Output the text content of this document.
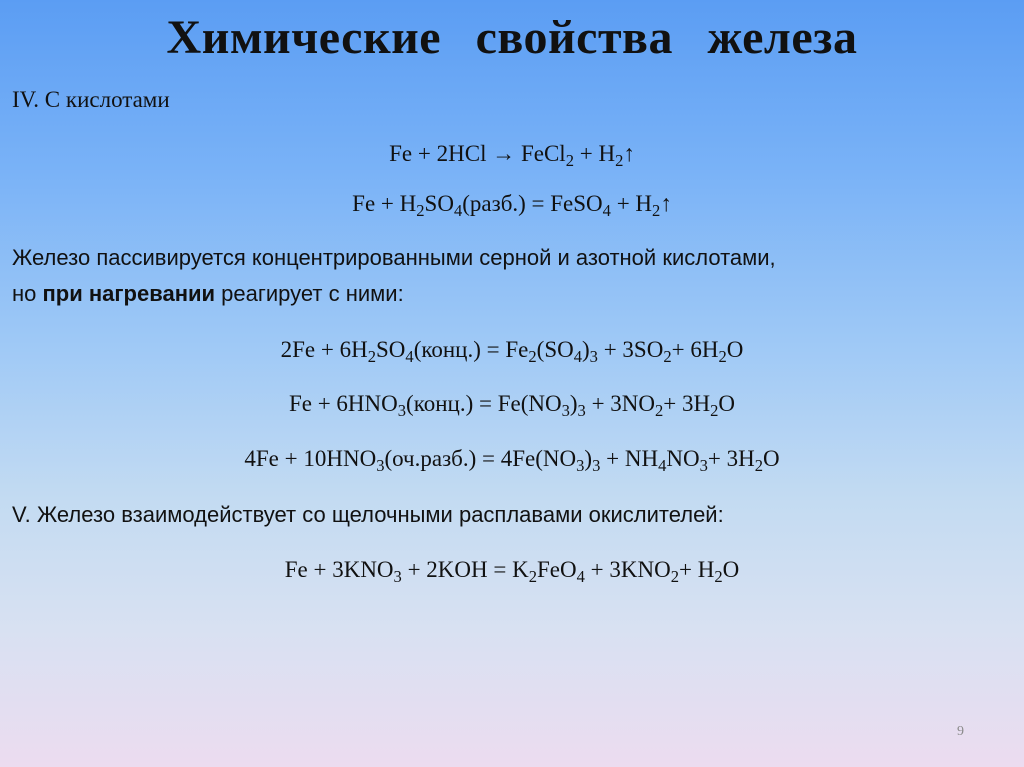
Химические свойства железа
IV. С кислотами
Fe + 2HCl → FeCl$_2$ + $H_2↑$
$Fe + H_2SO_4(разб.)$ = FeSO$_4$ + $H_2↑$
Железо пассивируется концентрированными серной и азотной кислотами,
но при нагревании реагирует с ними:
$2Fe + 6H_2SO_4(конц.) = Fe_2(SO_4)_3 + 3SO_2+ 6H_2O$
$Fe + 6HNO_3(конц.) = Fe(NO_3)_3 + 3NO_2+ 3H_2O$
$4Fe + 10HNO_3(оч.разб.) = 4Fe(NO_3)_3 + NH_4NO_3+ 3H_2O$
V. Железо взаимодействует со щелочными расплавами окислителей:
$Fe + 3KNO_3 + 2KOH = K_2FeO_4 + 3KNO_2+ H_2O$
9
